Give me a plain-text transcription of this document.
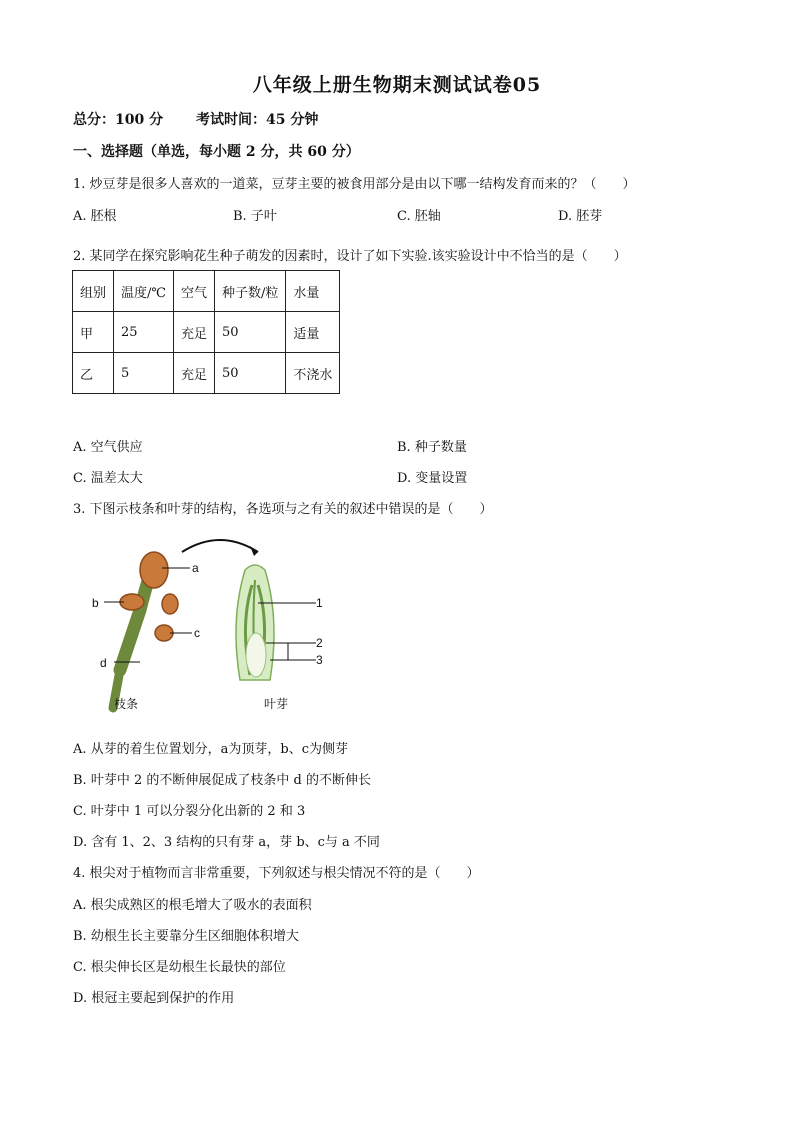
八年级上册生物期末测试试卷05
总分：100 分 考试时间：45 分钟
一、选择题（单选，每小题 2 分，共 60 分）
1. 炒豆芽是很多人喜欢的一道菜，豆芽主要的被食用部分是由以下哪一结构发育而来的？（　　）
A. 胚根	B. 子叶	C. 胚轴	D. 胚芽
2. 某同学在探究影响花生种子萌发的因素时，设计了如下实验.该实验设计中不恰当的是（　　）
组别	温度/℃	空气	种子数/粒	水量
甲	25	充足	50	适量
乙	5	充足	50	不浇水
A. 空气供应	B. 种子数量
C. 温差太大	D. 变量设置
3. 下图示枝条和叶芽的结构，各选项与之有关的叙述中错误的是（　　）
a
b
c
d
1
2
3
枝条	叶芽
A. 从芽的着生位置划分，a为顶芽，b、c为侧芽
B. 叶芽中 2 的不断伸展促成了枝条中 d 的不断伸长
C. 叶芽中 1 可以分裂分化出新的 2 和 3
D. 含有 1、2、3 结构的只有芽 a，芽 b、c与 a 不同
4. 根尖对于植物而言非常重要，下列叙述与根尖情况不符的是（　　）
A. 根尖成熟区的根毛增大了吸水的表面积
B. 幼根生长主要靠分生区细胞体积增大
C. 根尖伸长区是幼根生长最快的部位
D. 根冠主要起到保护的作用
